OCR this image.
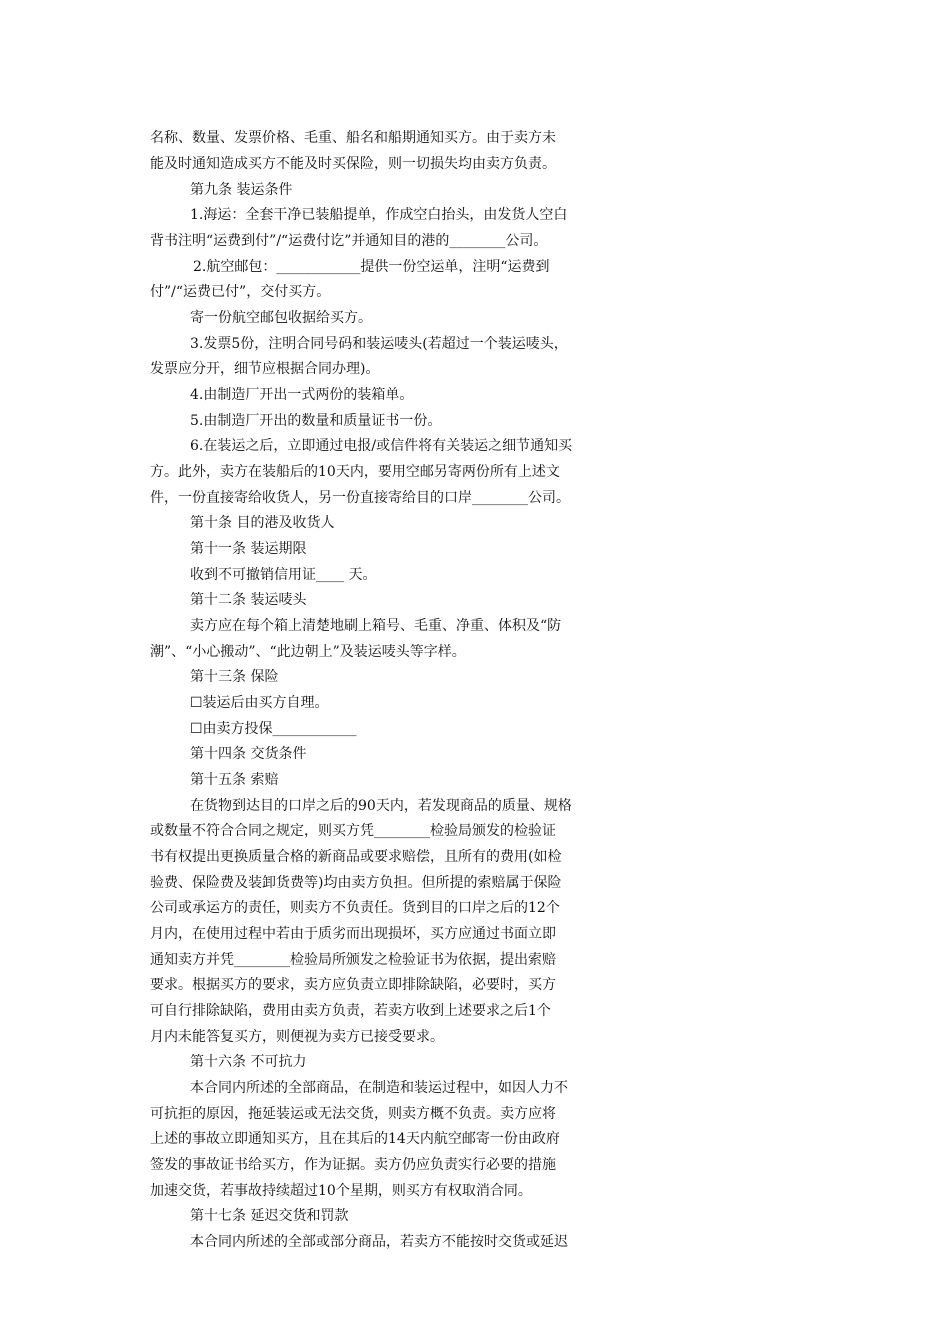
名称、数量、发票价格、毛重、船名和船期通知买方。由于卖方未
能及时通知造成买方不能及时买保险，则一切损失均由卖方负责。
第九条 装运条件
1.海运：全套干净已装船提单，作成空白抬头，由发货人空白
背书注明“运费到付”/“运费付讫”并通知目的港的________公司。
2.航空邮包：____________提供一份空运单，注明“运费到
付”/“运费已付”，交付买方。
寄一份航空邮包收据给买方。
3.发票5份，注明合同号码和装运唛头(若超过一个装运唛头，
发票应分开，细节应根据合同办理)。
4.由制造厂开出一式两份的装箱单。
5.由制造厂开出的数量和质量证书一份。
6.在装运之后，立即通过电报/或信件将有关装运之细节通知买
方。此外，卖方在装船后的10天内，要用空邮另寄两份所有上述文
件，一份直接寄给收货人，另一份直接寄给目的口岸________公司。
第十条 目的港及收货人
第十一条 装运期限
收到不可撤销信用证____ 天。
第十二条 装运唛头
卖方应在每个箱上清楚地刷上箱号、毛重、净重、体积及“防
潮”、“小心搬动”、“此边朝上”及装运唛头等字样。
第十三条 保险
☐装运后由买方自理。
☐由卖方投保____________
第十四条 交货条件
第十五条 索赔
在货物到达目的口岸之后的90天内，若发现商品的质量、规格
或数量不符合合同之规定，则买方凭________检验局颁发的检验证
书有权提出更换质量合格的新商品或要求赔偿，且所有的费用(如检
验费、保险费及装卸货费等)均由卖方负担。但所提的索赔属于保险
公司或承运方的责任，则卖方不负责任。货到目的口岸之后的12个
月内，在使用过程中若由于质劣而出现损坏，买方应通过书面立即
通知卖方并凭________检验局所颁发之检验证书为依据，提出索赔
要求。根据买方的要求，卖方应负责立即排除缺陷，必要时，买方
可自行排除缺陷，费用由卖方负责，若卖方收到上述要求之后1个
月内未能答复买方，则便视为卖方已接受要求。
第十六条 不可抗力
本合同内所述的全部商品，在制造和装运过程中，如因人力不
可抗拒的原因，拖延装运或无法交货，则卖方概不负责。卖方应将
上述的事故立即通知买方，且在其后的14天内航空邮寄一份由政府
签发的事故证书给买方，作为证据。卖方仍应负责实行必要的措施
加速交货，若事故持续超过10个星期，则买方有权取消合同。
第十七条 延迟交货和罚款
本合同内所述的全部或部分商品，若卖方不能按时交货或延迟
